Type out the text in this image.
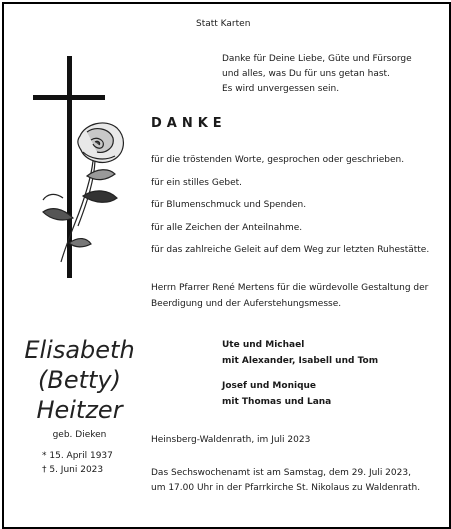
Statt Karten
Danke für Deine Liebe, Güte und Fürsorge
und alles, was Du für uns getan hast.
Es wird unvergessen sein.
DANKE
für die tröstenden Worte, gesprochen oder geschrieben.
für ein stilles Gebet.
für Blumenschmuck und Spenden.
für alle Zeichen der Anteilnahme.
für das zahlreiche Geleit auf dem Weg zur letzten Ruhestätte.
Herrn Pfarrer René Mertens für die würdevolle Gestaltung der Beerdigung und der Auferstehungsmesse.
Elisabeth
(Betty)
Heitzer
geb. Dieken
* 15. April 1937
† 5. Juni 2023
Ute und Michael
mit Alexander, Isabell und Tom
Josef und Monique
mit Thomas und Lana
Heinsberg-Waldenrath, im Juli 2023
Das Sechswochenamt ist am Samstag, dem 29. Juli 2023,
um 17.00 Uhr in der Pfarrkirche St. Nikolaus zu Waldenrath.
